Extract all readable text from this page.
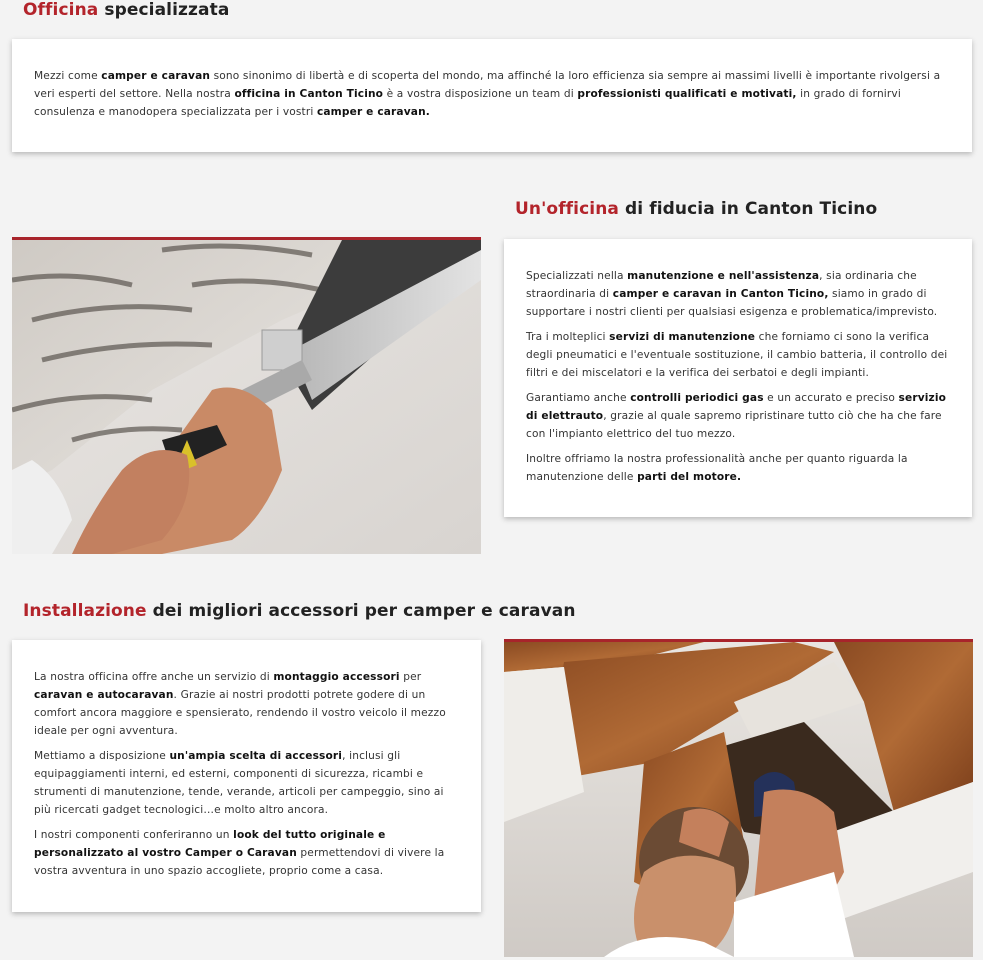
Officina specializzata

Mezzi come camper e caravan sono sinonimo di libertà e di scoperta del mondo, ma affinché la loro efficienza sia sempre ai massimi livelli è importante rivolgersi a veri esperti del settore. Nella nostra officina in Canton Ticino è a vostra disposizione un team di professionisti qualificati e motivati, in grado di fornirvi consulenza e manodopera specializzata per i vostri camper e caravan.

Un'officina di fiducia in Canton Ticino

Specializzati nella manutenzione e nell'assistenza, sia ordinaria che straordinaria di camper e caravan in Canton Ticino, siamo in grado di supportare i nostri clienti per qualsiasi esigenza e problematica/imprevisto.

Tra i molteplici servizi di manutenzione che forniamo ci sono la verifica degli pneumatici e l'eventuale sostituzione, il cambio batteria, il controllo dei filtri e dei miscelatori e la verifica dei serbatoi e degli impianti.

Garantiamo anche controlli periodici gas e un accurato e preciso servizio di elettrauto, grazie al quale sapremo ripristinare tutto ciò che ha che fare con l'impianto elettrico del tuo mezzo.

Inoltre offriamo la nostra professionalità anche per quanto riguarda la manutenzione delle parti del motore.

Installazione dei migliori accessori per camper e caravan

La nostra officina offre anche un servizio di montaggio accessori per caravan e autocaravan. Grazie ai nostri prodotti potrete godere di un comfort ancora maggiore e spensierato, rendendo il vostro veicolo il mezzo ideale per ogni avventura.

Mettiamo a disposizione un'ampia scelta di accessori, inclusi gli equipaggiamenti interni, ed esterni, componenti di sicurezza, ricambi e strumenti di manutenzione, tende, verande, articoli per campeggio, sino ai più ricercati gadget tecnologici…e molto altro ancora.

I nostri componenti conferiranno un look del tutto originale e personalizzato al vostro Camper o Caravan permettendovi di vivere la vostra avventura in uno spazio accogliete, proprio come a casa.
